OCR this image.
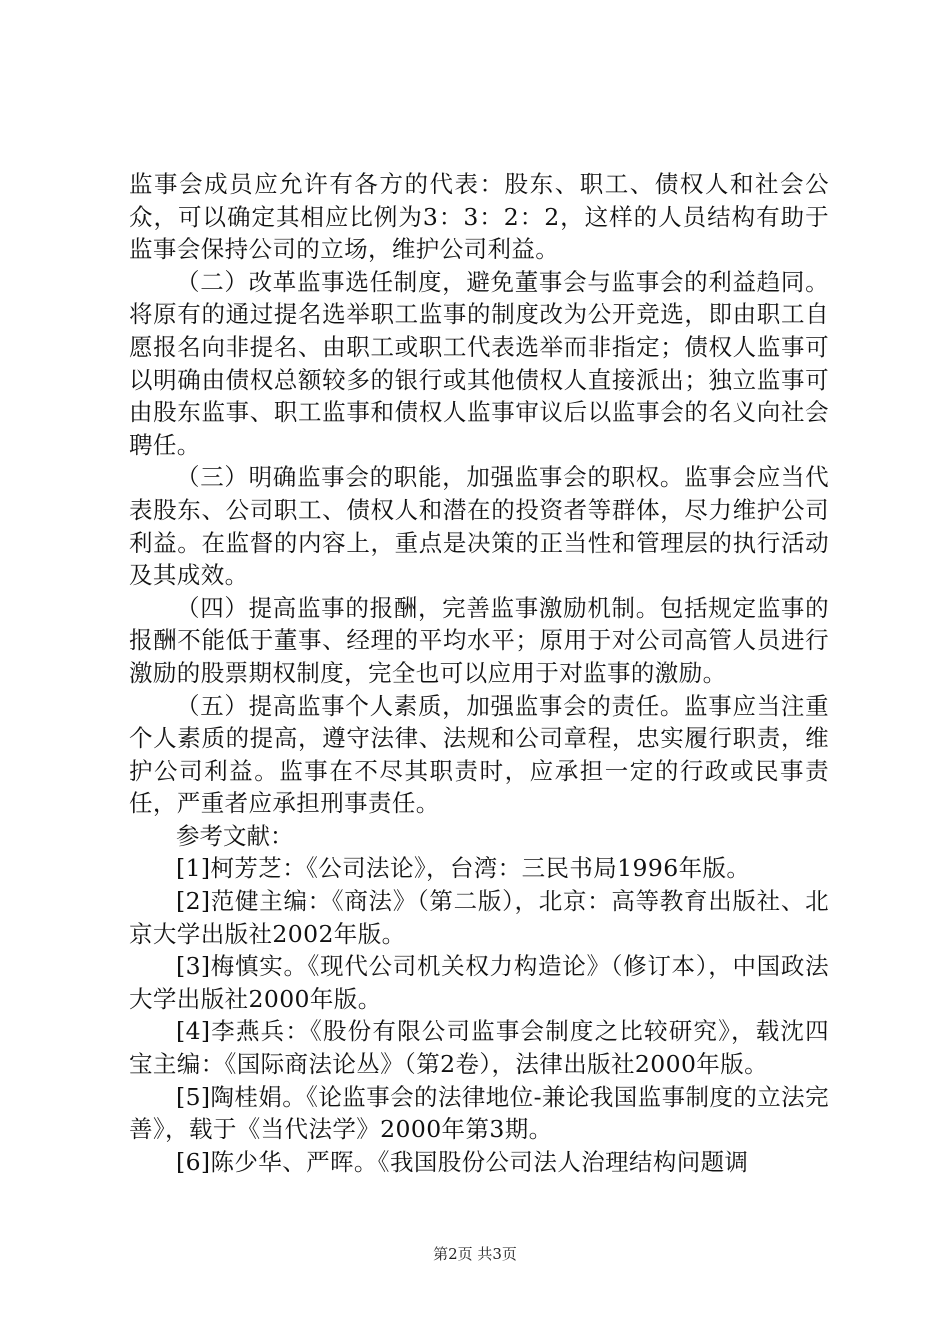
监事会成员应允许有各方的代表：股东、职工、债权人和社会公众，可以确定其相应比例为3：3：2：2，这样的人员结构有助于监事会保持公司的立场，维护公司利益。

（二）改革监事选任制度，避免董事会与监事会的利益趋同。将原有的通过提名选举职工监事的制度改为公开竞选，即由职工自愿报名向非提名、由职工或职工代表选举而非指定；债权人监事可以明确由债权总额较多的银行或其他债权人直接派出；独立监事可由股东监事、职工监事和债权人监事审议后以监事会的名义向社会聘任。

（三）明确监事会的职能，加强监事会的职权。监事会应当代表股东、公司职工、债权人和潜在的投资者等群体，尽力维护公司利益。在监督的内容上，重点是决策的正当性和管理层的执行活动及其成效。

（四）提高监事的报酬，完善监事激励机制。包括规定监事的报酬不能低于董事、经理的平均水平；原用于对公司高管人员进行激励的股票期权制度，完全也可以应用于对监事的激励。

（五）提高监事个人素质，加强监事会的责任。监事应当注重个人素质的提高，遵守法律、法规和公司章程，忠实履行职责，维护公司利益。监事在不尽其职责时，应承担一定的行政或民事责任，严重者应承担刑事责任。

参考文献：

[1]柯芳芝：《公司法论》，台湾：三民书局1996年版。

[2]范健主编：《商法》（第二版），北京：高等教育出版社、北京大学出版社2002年版。

[3]梅慎实。《现代公司机关权力构造论》（修订本），中国政法大学出版社2000年版。

[4]李燕兵：《股份有限公司监事会制度之比较研究》，载沈四宝主编：《国际商法论丛》（第2卷），法律出版社2000年版。

[5]陶桂娟。《论监事会的法律地位-兼论我国监事制度的立法完善》，载于《当代法学》2000年第3期。

[6]陈少华、严晖。《我国股份公司法人治理结构问题调

第2页 共3页
